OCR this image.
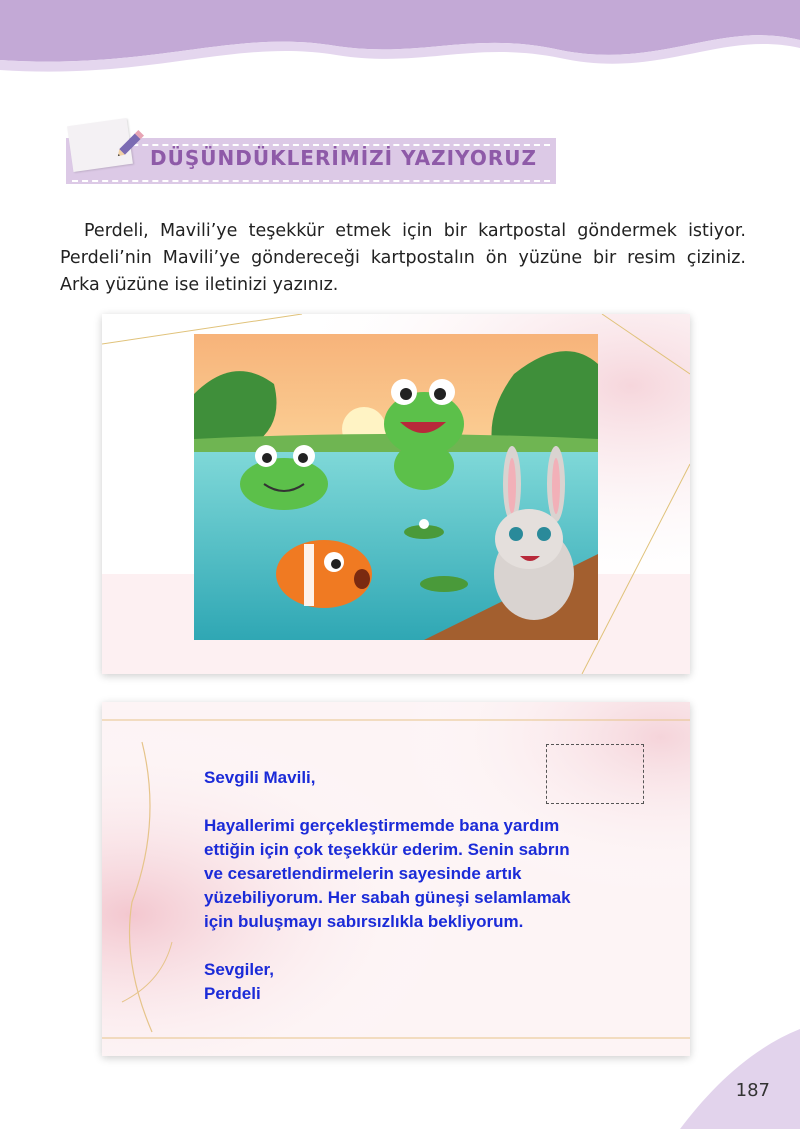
DÜŞÜNDÜKLERİMİZİ YAZIYORUZ

Perdeli, Mavili’ye teşekkür etmek için bir kartpostal göndermek istiyor. Perdeli’nin Mavili’ye göndereceği kartpostalın ön yüzüne bir resim çiziniz. Arka yüzüne ise iletinizi yazınız.

Sevgili Mavili,
Hayallerimi gerçekleştirmemde bana yardım
ettiğin için çok teşekkür ederim. Senin sabrın
ve cesaretlendirmelerin sayesinde artık
yüzebiliyorum. Her sabah güneşi selamlamak
için buluşmayı sabırsızlıkla bekliyorum.
Sevgiler,
Perdeli
187
